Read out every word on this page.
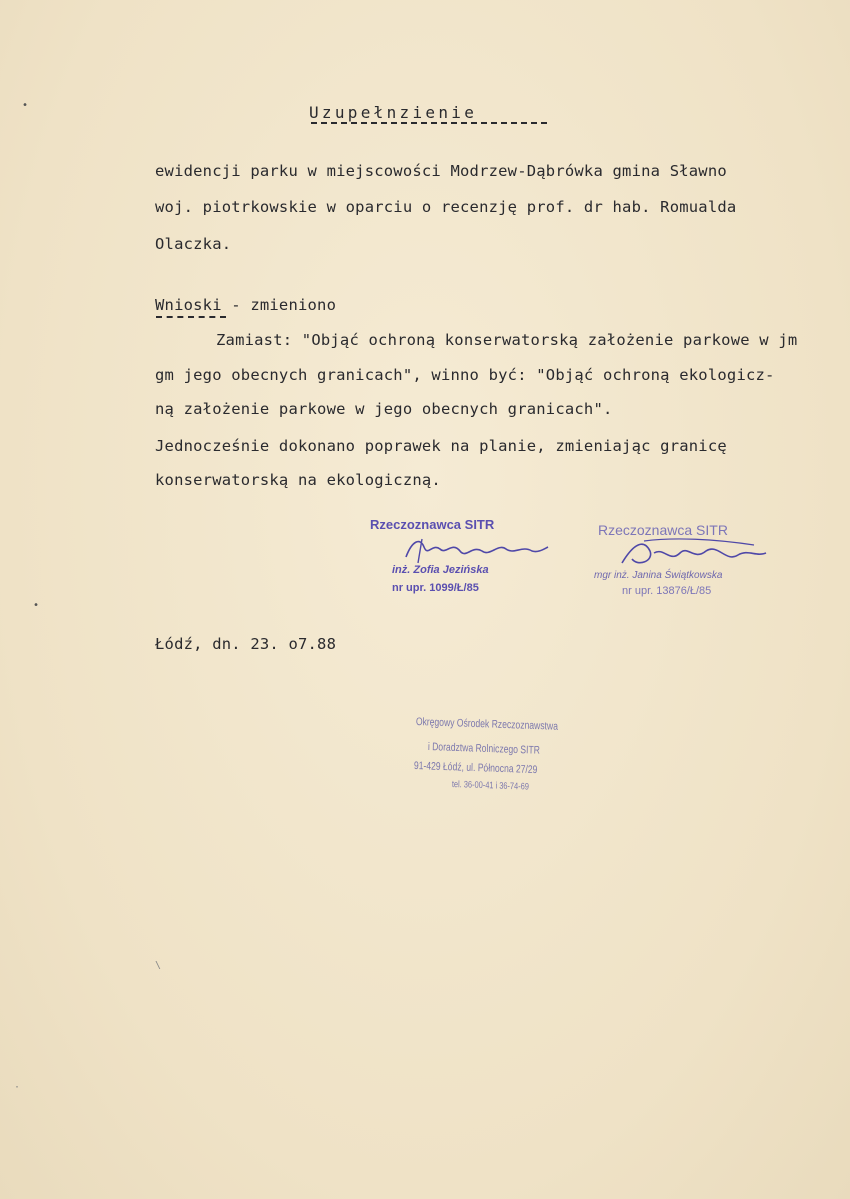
Uzupełnzienie
ewidencji parku w miejscowości Modrzew-Dąbrówka gmina Sławno
woj. piotrkowskie w oparciu o recenzję prof. dr hab. Romualda
Olaczka.
Wnioski - zmieniono
Zamiast: "Objąć ochroną konserwatorską założenie parkowe w jm
gm jego obecnych granicach", winno być: "Objąć ochroną ekologicz-
ną założenie parkowe w jego obecnych granicach".
Jednocześnie dokonano poprawek na planie, zmieniając granicę
konserwatorską na ekologiczną.
Rzeczoznawca SITR
inż. Zofia Jezińska
nr upr. 1099/Ł/85
Rzeczoznawca SITR
mgr inż. Janina Świątkowska
nr upr. 13876/Ł/85
Łódź, dn. 23. o7.88
Okręgowy Ośrodek Rzeczoznawstwa
i Doradztwa Rolniczego SITR
91-429 Łódź, ul. Północna 27/29
tel. 36-00-41 i 36-74-69
•
•
\
·
